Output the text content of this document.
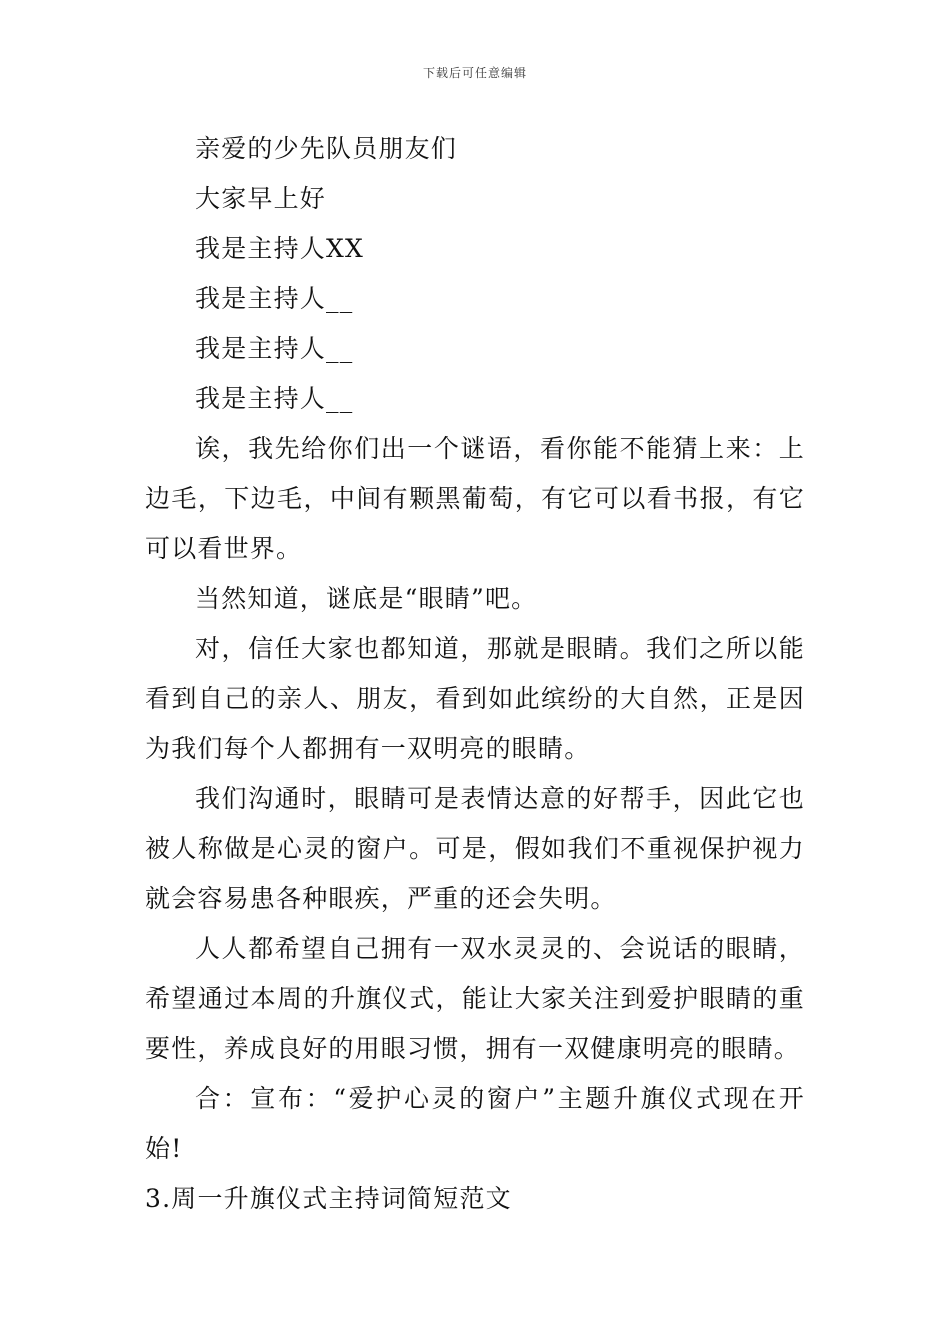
下载后可任意编辑

亲爱的少先队员朋友们

大家早上好

我是主持人XX

我是主持人__

我是主持人__

我是主持人__

诶，我先给你们出一个谜语，看你能不能猜上来：上边毛，下边毛，中间有颗黑葡萄，有它可以看书报，有它可以看世界。

当然知道，谜底是“眼睛”吧。

对，信任大家也都知道，那就是眼睛。我们之所以能看到自己的亲人、朋友，看到如此缤纷的大自然，正是因为我们每个人都拥有一双明亮的眼睛。

我们沟通时，眼睛可是表情达意的好帮手，因此它也被人称做是心灵的窗户。可是，假如我们不重视保护视力就会容易患各种眼疾，严重的还会失明。

人人都希望自己拥有一双水灵灵的、会说话的眼睛，希望通过本周的升旗仪式，能让大家关注到爱护眼睛的重要性，养成良好的用眼习惯，拥有一双健康明亮的眼睛。

合：宣布：“爱护心灵的窗户”主题升旗仪式现在开始!

3.周一升旗仪式主持词简短范文
